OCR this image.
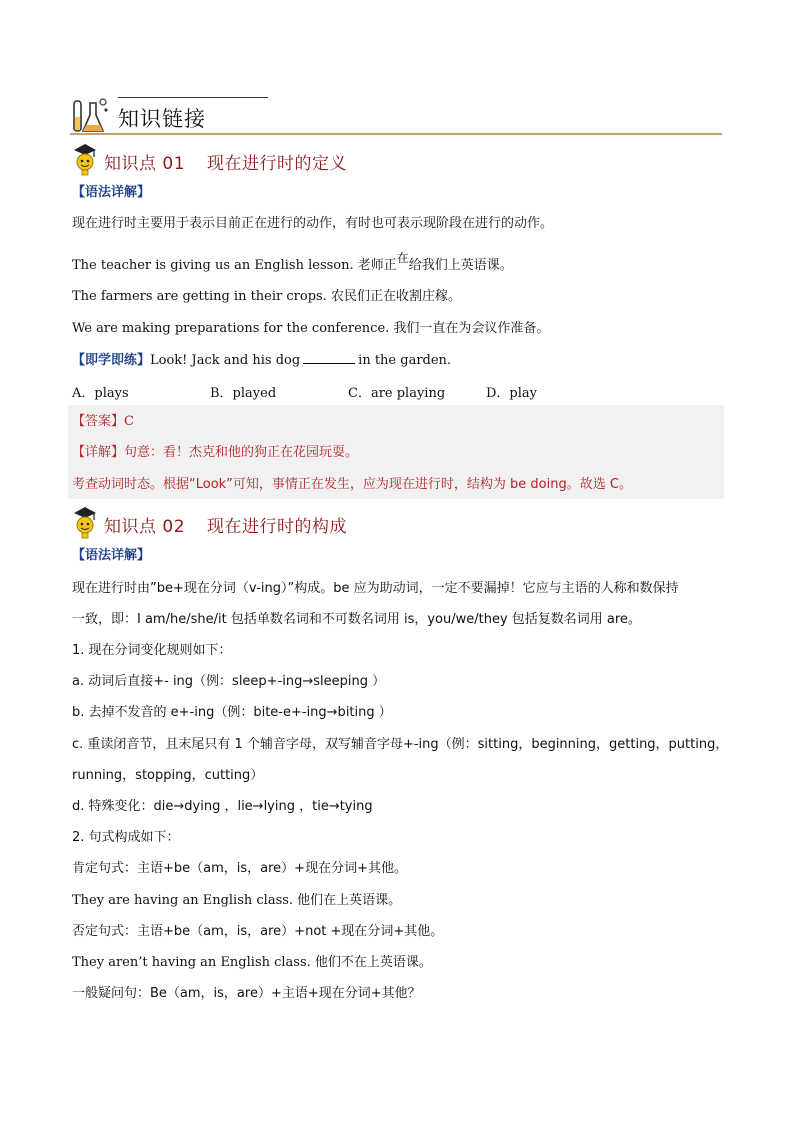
知识链接
知识点 01 现在进行时的定义
【语法详解】
现在进行时主要用于表示目前正在进行的动作，有时也可表示现阶段在进行的动作。
The teacher is giving us an English lesson. 老师正在给我们上英语课。
The farmers are getting in their crops. 农民们正在收割庄稼。
We are making preparations for the conference. 我们一直在为会议作准备。
【即学即练】Look! Jack and his dog	in the garden.
A．plays	B．played	C．are playing	D．play
【答案】C
【详解】句意：看！杰克和他的狗正在花园玩耍。
考查动词时态。根据“Look”可知，事情正在发生，应为现在进行时，结构为 be doing。故选 C。
知识点 02 现在进行时的构成
【语法详解】
现在进行时由”be+现在分词（v-ing）”构成。be 应为助动词，一定不要漏掉！它应与主语的人称和数保持
一致，即：I am/he/she/it 包括单数名词和不可数名词用 is，you/we/they 包括复数名词用 are。
1. 现在分词变化规则如下：
a. 动词后直接+- ing（例：sleep+-ing→sleeping ）
b. 去掉不发音的 e+-ing（例：bite-e+-ing→biting ）
c. 重读闭音节，且末尾只有 1 个辅音字母，双写辅音字母+-ing（例：sitting，beginning，getting，putting，
running，stopping，cutting）
d. 特殊变化：die→dying ，lie→lying ，tie→tying
2. 句式构成如下：
肯定句式：主语+be（am，is，are）+现在分词+其他。
They are having an English class. 他们在上英语课。
否定句式：主语+be（am，is，are）+not +现在分词+其他。
They aren’t having an English class. 他们不在上英语课。
一般疑问句：Be（am，is，are）+主语+现在分词+其他？
